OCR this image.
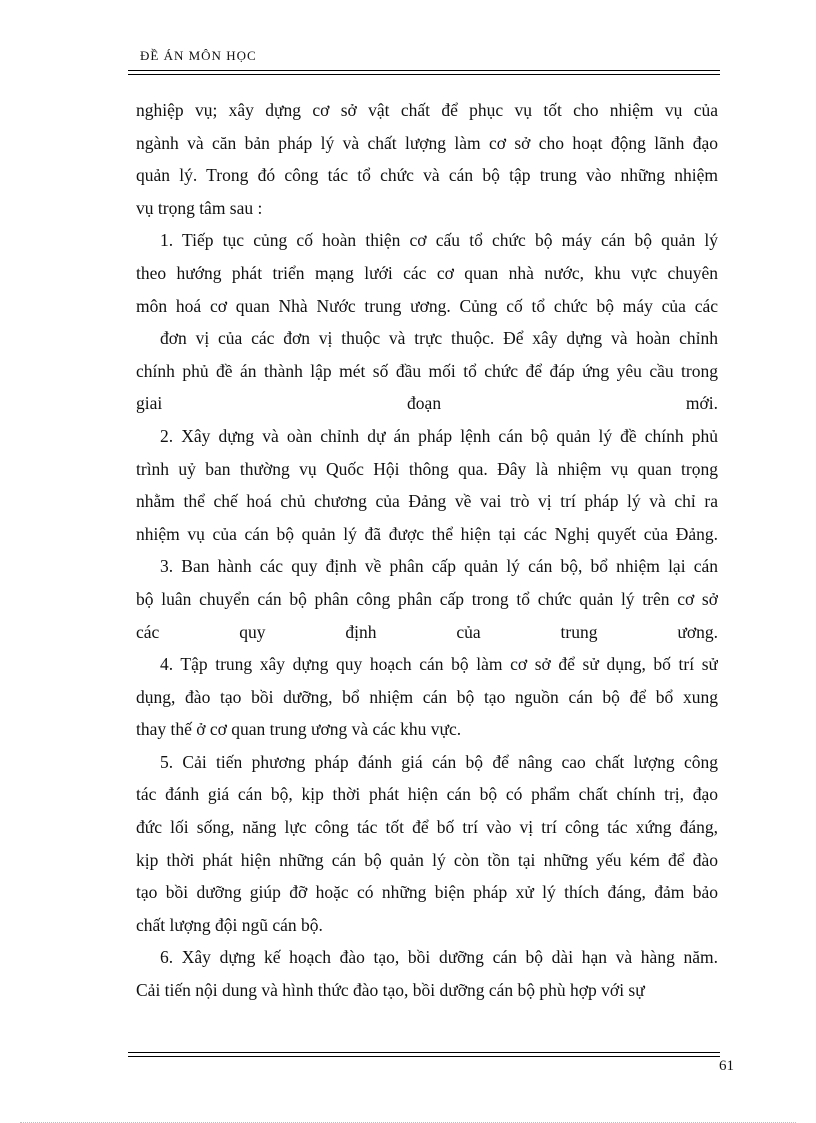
ĐỀ ÁN MÔN HỌC
nghiệp vụ; xây dựng cơ sở vật chất để phục vụ tốt cho nhiệm vụ của
ngành và căn bản pháp lý và chất lượng làm cơ sở cho hoạt động lãnh đạo
quản lý. Trong đó công tác tổ chức và cán bộ tập trung vào những nhiệm
vụ trọng tâm sau :
1. Tiếp tục củng cố hoàn thiện cơ cấu tổ chức bộ máy cán bộ quản lý
theo hướng phát triển mạng lưới các cơ quan nhà nước, khu vực chuyên
môn hoá cơ quan Nhà Nước trung ương. Củng cố tổ chức bộ máy của các
đơn vị của các đơn vị thuộc và trực thuộc. Để xây dựng và hoàn chỉnh
chính phủ đề án thành lập mét số đầu mối tổ chức để đáp ứng yêu cầu trong
giai đoạn mới.
2. Xây dựng và oàn chỉnh dự án pháp lệnh cán bộ quản lý đề chính phủ
trình uỷ ban thường vụ Quốc Hội thông qua. Đây là nhiệm vụ quan trọng
nhằm thể chế hoá chủ chương của Đảng về vai trò vị trí pháp lý và chỉ ra
nhiệm vụ của cán bộ quản lý đã được thể hiện tại các Nghị quyết của Đảng.
3. Ban hành các quy định về phân cấp quản lý cán bộ, bổ nhiệm lại cán
bộ luân chuyển cán bộ phân công phân cấp trong tổ chức quản lý trên cơ sở
các quy định của trung ương.
4. Tập trung xây dựng quy hoạch cán bộ làm cơ sở để sử dụng, bố trí sử
dụng, đào tạo bồi dưỡng, bổ nhiệm cán bộ tạo nguồn cán bộ để bổ xung
thay thế ở cơ quan trung ương và các khu vực.
5. Cải tiến phương pháp đánh giá cán bộ để nâng cao chất lượng công
tác đánh giá cán bộ, kịp thời phát hiện cán bộ có phẩm chất chính trị, đạo
đức lối sống, năng lực công tác tốt để bố trí vào vị trí công tác xứng đáng,
kịp thời phát hiện những cán bộ quản lý còn tồn tại những yếu kém để đào
tạo bồi dưỡng giúp đỡ hoặc có những biện pháp xử lý thích đáng, đảm bảo
chất lượng đội ngũ cán bộ.
6. Xây dựng kế hoạch đào tạo, bồi dưỡng cán bộ dài hạn và hàng năm.
Cải tiến nội dung và hình thức đào tạo, bồi dưỡng cán bộ phù hợp với sự
61
